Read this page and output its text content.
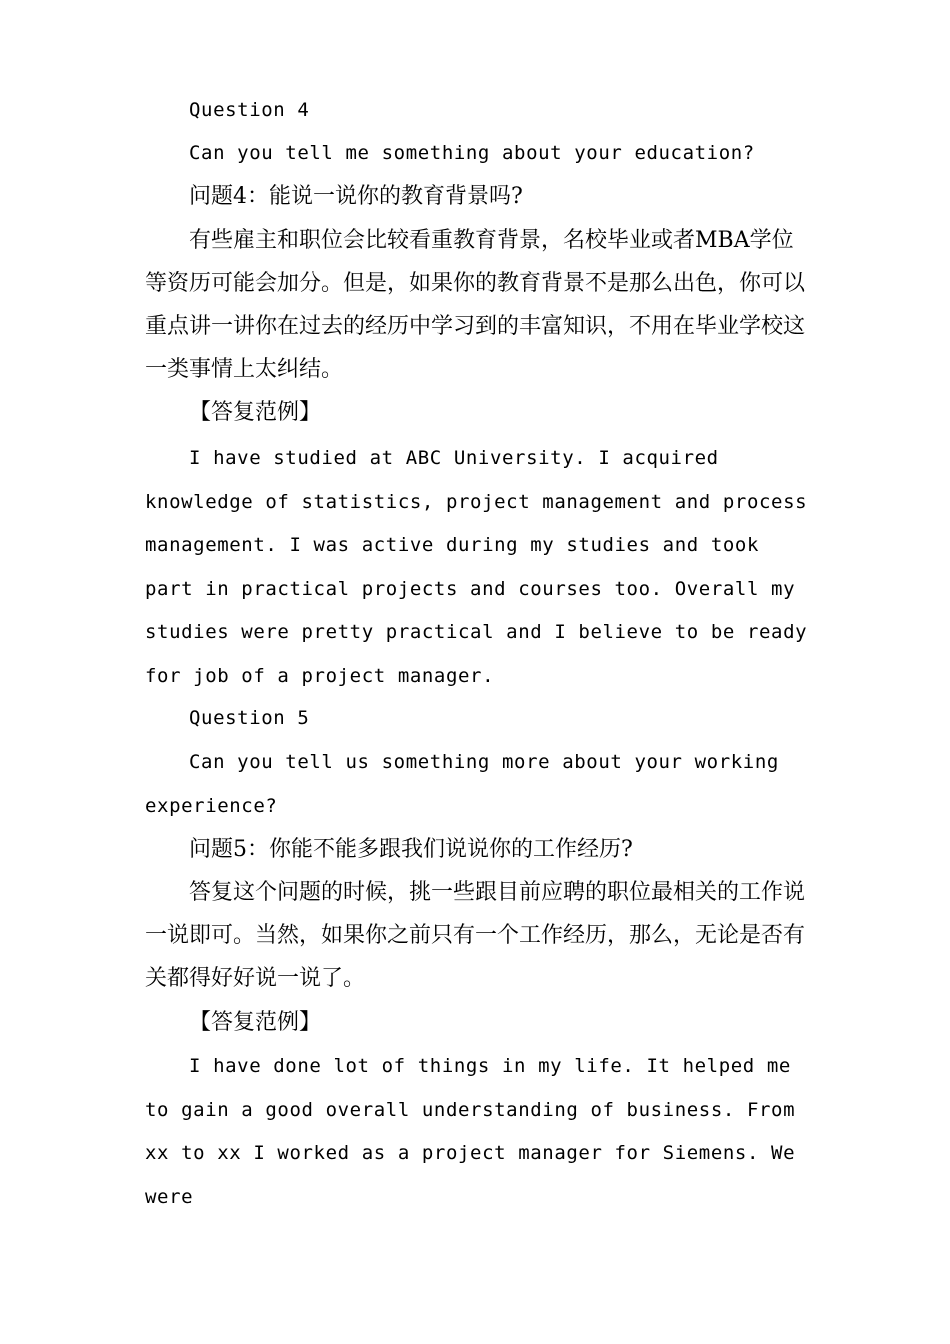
Question 4

Can you tell me something about your education?

问题4：能说一说你的教育背景吗?

有些雇主和职位会比较看重教育背景，名校毕业或者MBA学位等资历可能会加分。但是，如果你的教育背景不是那么出色，你可以重点讲一讲你在过去的经历中学习到的丰富知识，不用在毕业学校这一类事情上太纠结。

【答复范例】

I have studied at ABC University. I acquired knowledge of statistics, project management and process management. I was active during my studies and took part in practical projects and courses too. Overall my studies were pretty practical and I believe to be ready for job of a project manager.

Question 5

Can you tell us something more about your working experience?

问题5：你能不能多跟我们说说你的工作经历?

答复这个问题的时候，挑一些跟目前应聘的职位最相关的工作说一说即可。当然，如果你之前只有一个工作经历，那么，无论是否有关都得好好说一说了。

【答复范例】

I have done lot of things in my life. It helped me to gain a good overall understanding of business. From xx to xx I worked as a project manager for Siemens. We were
